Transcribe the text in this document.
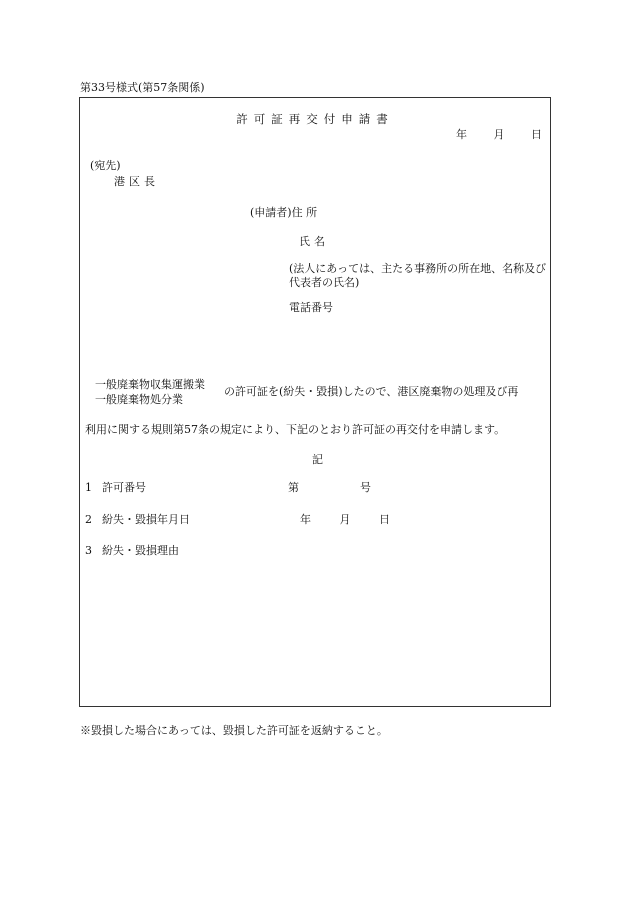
第33号様式(第57条関係)
許可証再交付申請書
年 月 日
(宛先)
港区長
(申請者)住 所
氏名
(法人にあっては、主たる事務所の所在地、名称及び代表者の氏名)
電話番号
一般廃棄物収集運搬業
一般廃棄物処分業
の許可証を(紛失・毀損)したので、港区廃棄物の処理及び再
利用に関する規則第57条の規定により、下記のとおり許可証の再交付を申請します。
記
1 許可番号	第	号
2 紛失・毀損年月日	年	月	日
3 紛失・毀損理由
※毀損した場合にあっては、毀損した許可証を返納すること。
